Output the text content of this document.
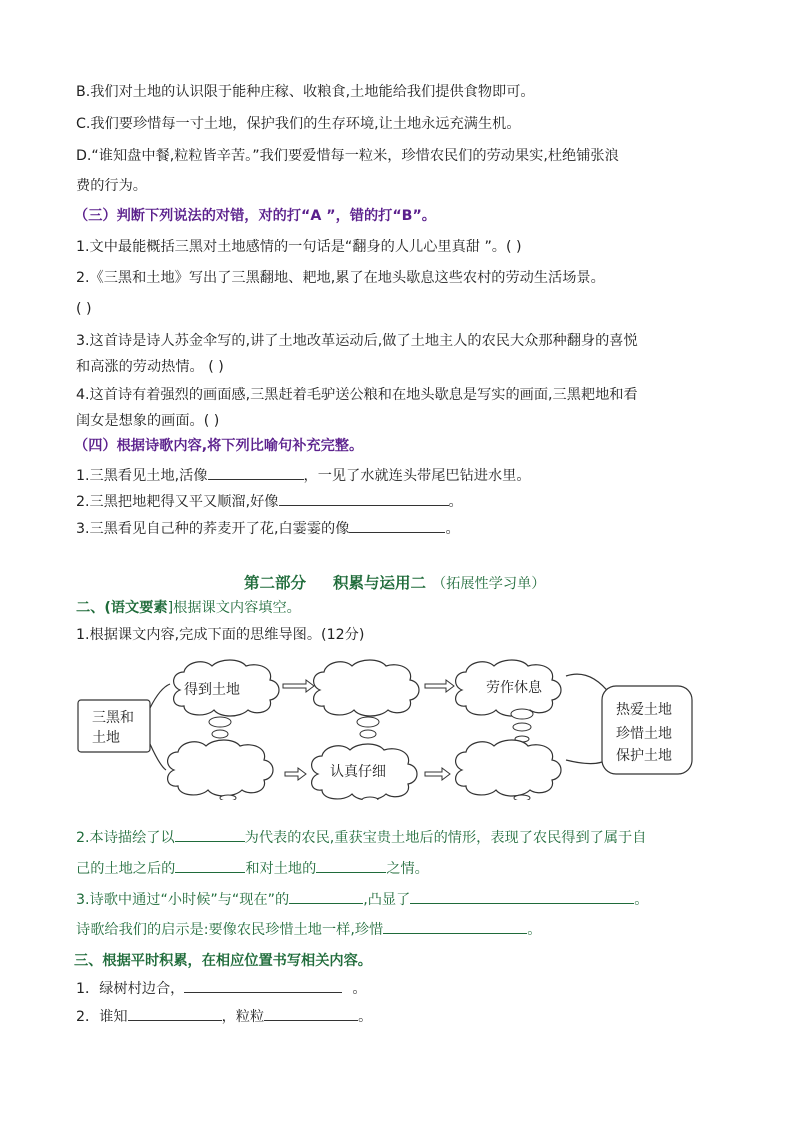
B.我们对土地的认识限于能种庄稼、收粮食,土地能给我们提供食物即可。
C.我们要珍惜每一寸土地，保护我们的生存环境,让土地永远充满生机。
D.“谁知盘中餐,粒粒皆辛苦。”我们要爱惜每一粒米，珍惜农民们的劳动果实,杜绝铺张浪
费的行为。
（三）判断下列说法的对错，对的打“A ”，错的打“B”。
1.文中最能概括三黑对土地感情的一句话是“翻身的人儿心里真甜 ”。( )
2.《三黑和土地》写出了三黑翻地、耙地,累了在地头歇息这些农村的劳动生活场景。
( )
3.这首诗是诗人苏金伞写的,讲了土地改革运动后,做了土地主人的农民大众那种翻身的喜悦
和高涨的劳动热情。 ( )
4.这首诗有着强烈的画面感,三黑赶着毛驴送公粮和在地头歇息是写实的画面,三黑耙地和看
闺女是想象的画面。( )
（四）根据诗歌内容,将下列比喻句补充完整。
1.三黑看见土地,活像	，一见了水就连头带尾巴钻进水里。
2.三黑把地耙得又平又顺溜,好像	。
3.三黑看见自己种的荞麦开了花,白霎霎的像	。
第二部分     积累与运用二 （拓展性学习单）
二、(语文要素]根据课文内容填空。
1.根据课文内容,完成下面的思维导图。(12分)
三黑和
土地
得到土地	劳作休息
认真仔细
热爱土地
珍惜土地
保护土地
2.本诗描绘了以	为代表的农民,重获宝贵土地后的情形，表现了农民得到了属于自
己的土地之后的	和对土地的	之情。
3.诗歌中通过“小时候”与“现在”的	,凸显了	。
诗歌给我们的启示是:要像农民珍惜土地一样,珍惜	。
三、根据平时积累，在相应位置书写相关内容。
1．绿树村边合，	。
2．谁知	，粒粒	。
